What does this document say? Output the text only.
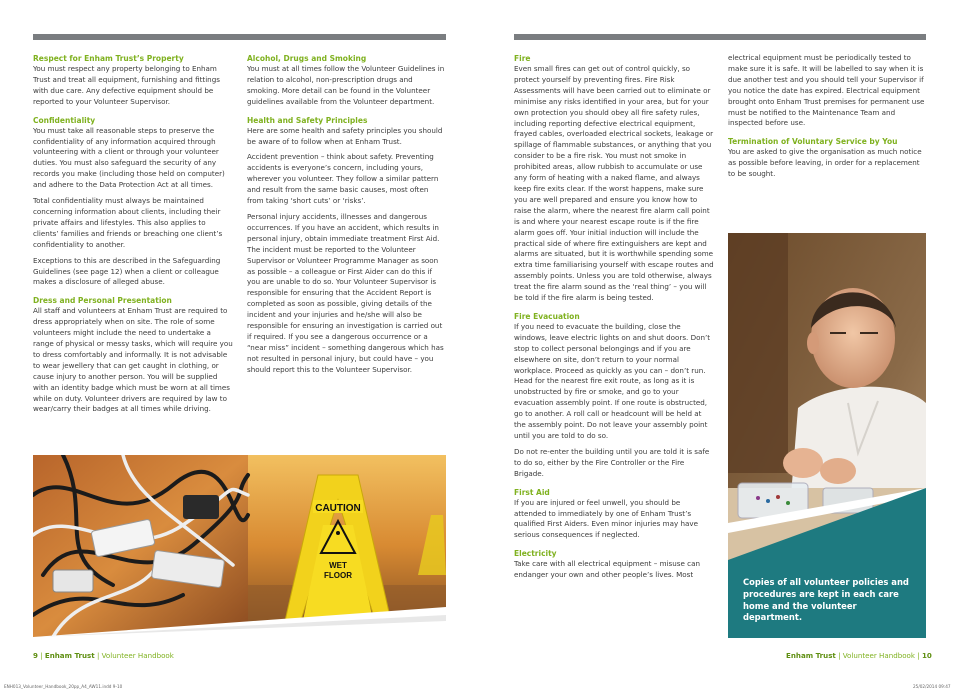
Respect for Enham Trust’s Property

You must respect any property belonging to Enham Trust and treat all equipment, furnishing and fittings with due care. Any defective equipment should be reported to your Volunteer Supervisor.

Confidentiality

You must take all reasonable steps to preserve the confidentiality of any information acquired through volunteering with a client or through your volunteer duties. You must also safeguard the security of any records you make (including those held on computer) and adhere to the Data Protection Act at all times.

Total confidentiality must always be maintained concerning information about clients, including their private affairs and lifestyles. This also applies to clients’ families and friends or breaching one client’s confidentiality to another.

Exceptions to this are described in the Safeguarding Guidelines (see page 12) when a client or colleague makes a disclosure of alleged abuse.

Dress and Personal Presentation

All staff and volunteers at Enham Trust are required to dress appropriately when on site. The role of some volunteers might include the need to undertake a range of physical or messy tasks, which will require you to dress comfortably and informally. It is not advisable to wear jewellery that can get caught in clothing, or cause injury to another person. You will be supplied with an identity badge which must be worn at all times while on duty. Volunteer drivers are required by law to wear/carry their badges at all times while driving.

Alcohol, Drugs and Smoking

You must at all times follow the Volunteer Guidelines in relation to alcohol, non-prescription drugs and smoking. More detail can be found in the Volunteer guidelines available from the Volunteer department.

Health and Safety Principles

Here are some health and safety principles you should be aware of to follow when at Enham Trust.

Accident prevention – think about safety. Preventing accidents is everyone’s concern, including yours, wherever you volunteer. They follow a similar pattern and result from the same basic causes, most often from taking ‘short cuts’ or ‘risks’.

Personal injury accidents, illnesses and dangerous occurrences. If you have an accident, which results in personal injury, obtain immediate treatment First Aid. The incident must be reported to the Volunteer Supervisor or Volunteer Programme Manager as soon as possible – a colleague or First Aider can do this if you are unable to do so. Your Volunteer Supervisor is responsible for ensuring that the Accident Report is completed as soon as possible, giving details of the incident and your injuries and he/she will also be responsible for ensuring an investigation is carried out if required. If you see a dangerous occurrence or a “near miss” incident – something dangerous which has not resulted in personal injury, but could have – you should report this to the Volunteer Supervisor.

CAUTION
WET
FLOOR
9 | Enham Trust | Volunteer Handbook
ENH013_Volunteer_Handbook_20pp_A4_AW11.indd 9-10
Fire

Even small fires can get out of control quickly, so protect yourself by preventing fires. Fire Risk Assessments will have been carried out to eliminate or minimise any risks identified in your area, but for your own protection you should obey all fire safety rules, including reporting defective electrical equipment, frayed cables, overloaded electrical sockets, leakage or spillage of flammable substances, or anything that you consider to be a fire risk. You must not smoke in prohibited areas, allow rubbish to accumulate or use any form of heating with a naked flame, and always keep fire exits clear. If the worst happens, make sure you are well prepared and ensure you know how to raise the alarm, where the nearest fire alarm call point is and where your nearest escape route is if the fire alarm goes off. Your initial induction will include the practical side of where fire extinguishers are kept and alarms are situated, but it is worthwhile spending some extra time familiarising yourself with escape routes and assembly points. Unless you are told otherwise, always treat the fire alarm sound as the ‘real thing’ – you will be told if the fire alarm is being tested.

Fire Evacuation

If you need to evacuate the building, close the windows, leave electric lights on and shut doors. Don’t stop to collect personal belongings and if you are elsewhere on site, don’t return to your normal workplace. Proceed as quickly as you can – don’t run. Head for the nearest fire exit route, as long as it is unobstructed by fire or smoke, and go to your evacuation assembly point. If one route is obstructed, go to another. A roll call or headcount will be held at the assembly point. Do not leave your assembly point until you are told to do so.

Do not re-enter the building until you are told it is safe to do so, either by the Fire Controller or the Fire Brigade.

First Aid

If you are injured or feel unwell, you should be attended to immediately by one of Enham Trust’s qualified First Aiders. Even minor injuries may have serious consequences if neglected.

Electricity

Take care with all electrical equipment – misuse can endanger your own and other people’s lives. Most

electrical equipment must be periodically tested to make sure it is safe. It will be labelled to say when it is due another test and you should tell your Supervisor if you notice the date has expired. Electrical equipment brought onto Enham Trust premises for permanent use must be notified to the Maintenance Team and inspected before use.

Termination of Voluntary Service by You

You are asked to give the organisation as much notice as possible before leaving, in order for a replacement to be sought.

Copies of all volunteer policies and procedures are kept in each care home and the volunteer department.
Enham Trust | Volunteer Handbook | 10
25/02/2014 09:47
